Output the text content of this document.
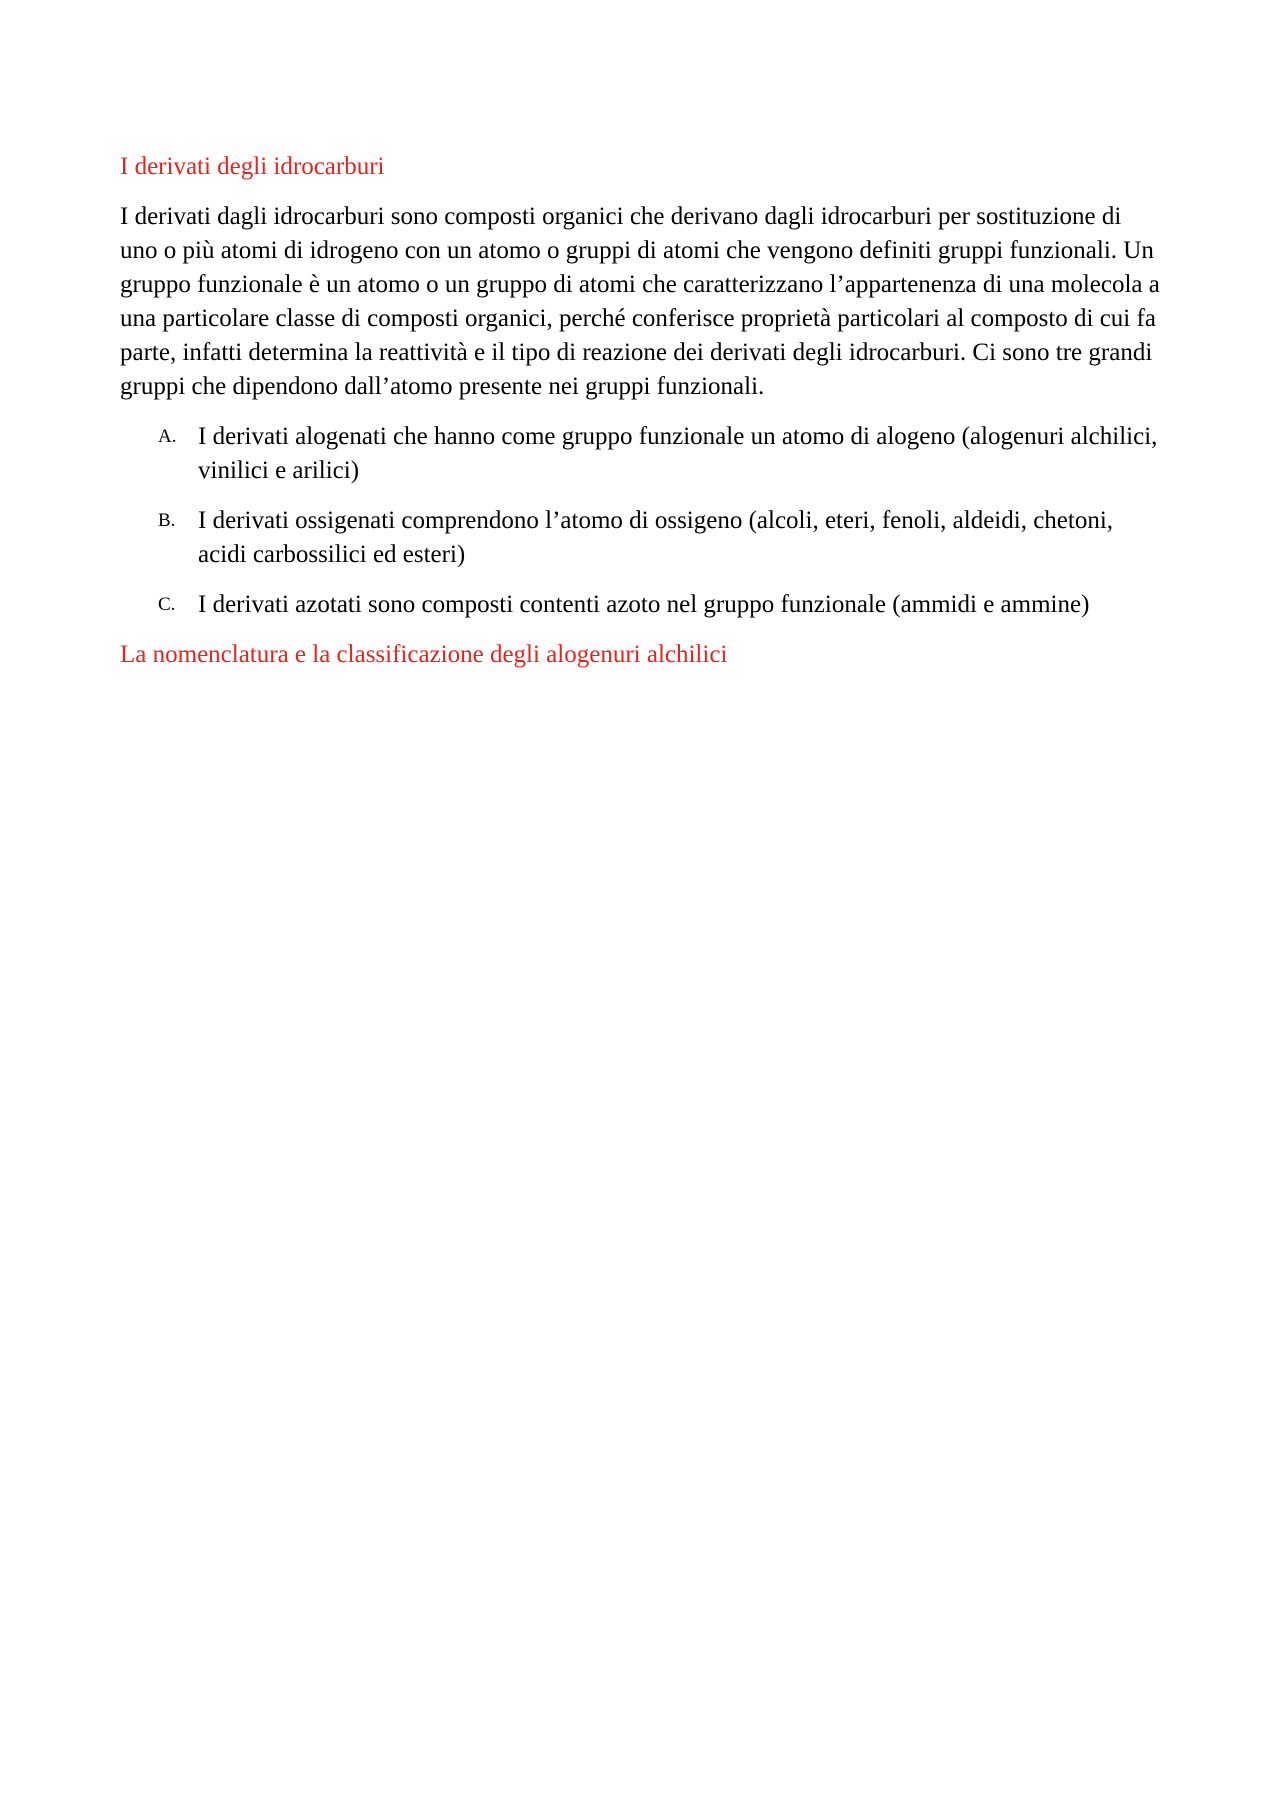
I derivati degli idrocarburi

I derivati dagli idrocarburi sono composti organici che derivano dagli idrocarburi per sostituzione di uno o più atomi di idrogeno con un atomo o gruppi di atomi che vengono definiti gruppi funzionali. Un gruppo funzionale è un atomo o un gruppo di atomi che caratterizzano l’appartenenza di una molecola a una particolare classe di composti organici, perché conferisce proprietà particolari al composto di cui fa parte, infatti determina la reattività e il tipo di reazione dei derivati degli idrocarburi. Ci sono tre grandi gruppi che dipendono dall’atomo presente nei gruppi funzionali.

A. I derivati alogenati che hanno come gruppo funzionale un atomo di alogeno (alogenuri alchilici, vinilici e arilici)
B. I derivati ossigenati comprendono l’atomo di ossigeno (alcoli, eteri, fenoli, aldeidi, chetoni, acidi carbossilici ed esteri)
C. I derivati azotati sono composti contenti azoto nel gruppo funzionale (ammidi e ammine)
La nomenclatura e la classificazione degli alogenuri alchilici
